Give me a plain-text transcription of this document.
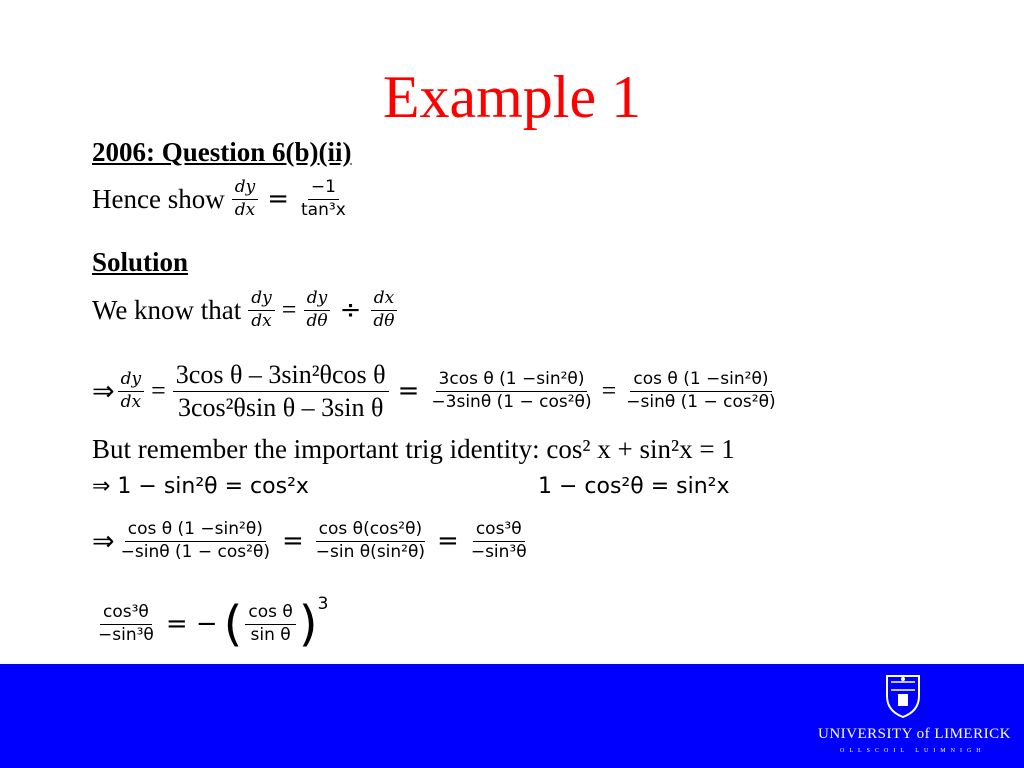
Example 1
2006: Question 6(b)(ii)
Hence show
$\frac{dy}{dx} = \frac{-1}{\text{tan³x}}$
Solution
We know that
$\frac{dy}{dx} = \frac{dy}{d\theta} \div \frac{dx}{d\theta}$
⇒ $\frac{dy}{dx} = \frac{\text{3cos θ – 3sin²θcos θ}}{\text{3cos²θsin θ – 3sin θ}} = \frac{\text{3cos θ (1 −sin²θ)}}{\text{−3sinθ (1 − cos²θ)}} = \frac{\text{cos θ (1 −sin²θ)}}{\text{−sinθ (1 − cos²θ)}}$
But remember the important trig identity: cos² x + sin²x = 1
⇒ 1 − sin²θ = cos²x	1 − cos²θ = sin²x
⇒ $\frac{\text{cos θ (1 −sin²θ)}}{\text{−sinθ (1 − cos²θ)}} = \frac{\text{cos θ(cos²θ)}}{\text{−sin θ(sin²θ)}} = \frac{\text{cos³θ}}{\text{−sin³θ}}$
$\frac{\text{cos³θ}}{\text{−sin³θ}}$ = − ( $\frac{\text{cos θ}}{\text{sin θ}}$ ) 3
UNIVERSITY of LIMERICK
OLLSCOIL LUIMNIGH
